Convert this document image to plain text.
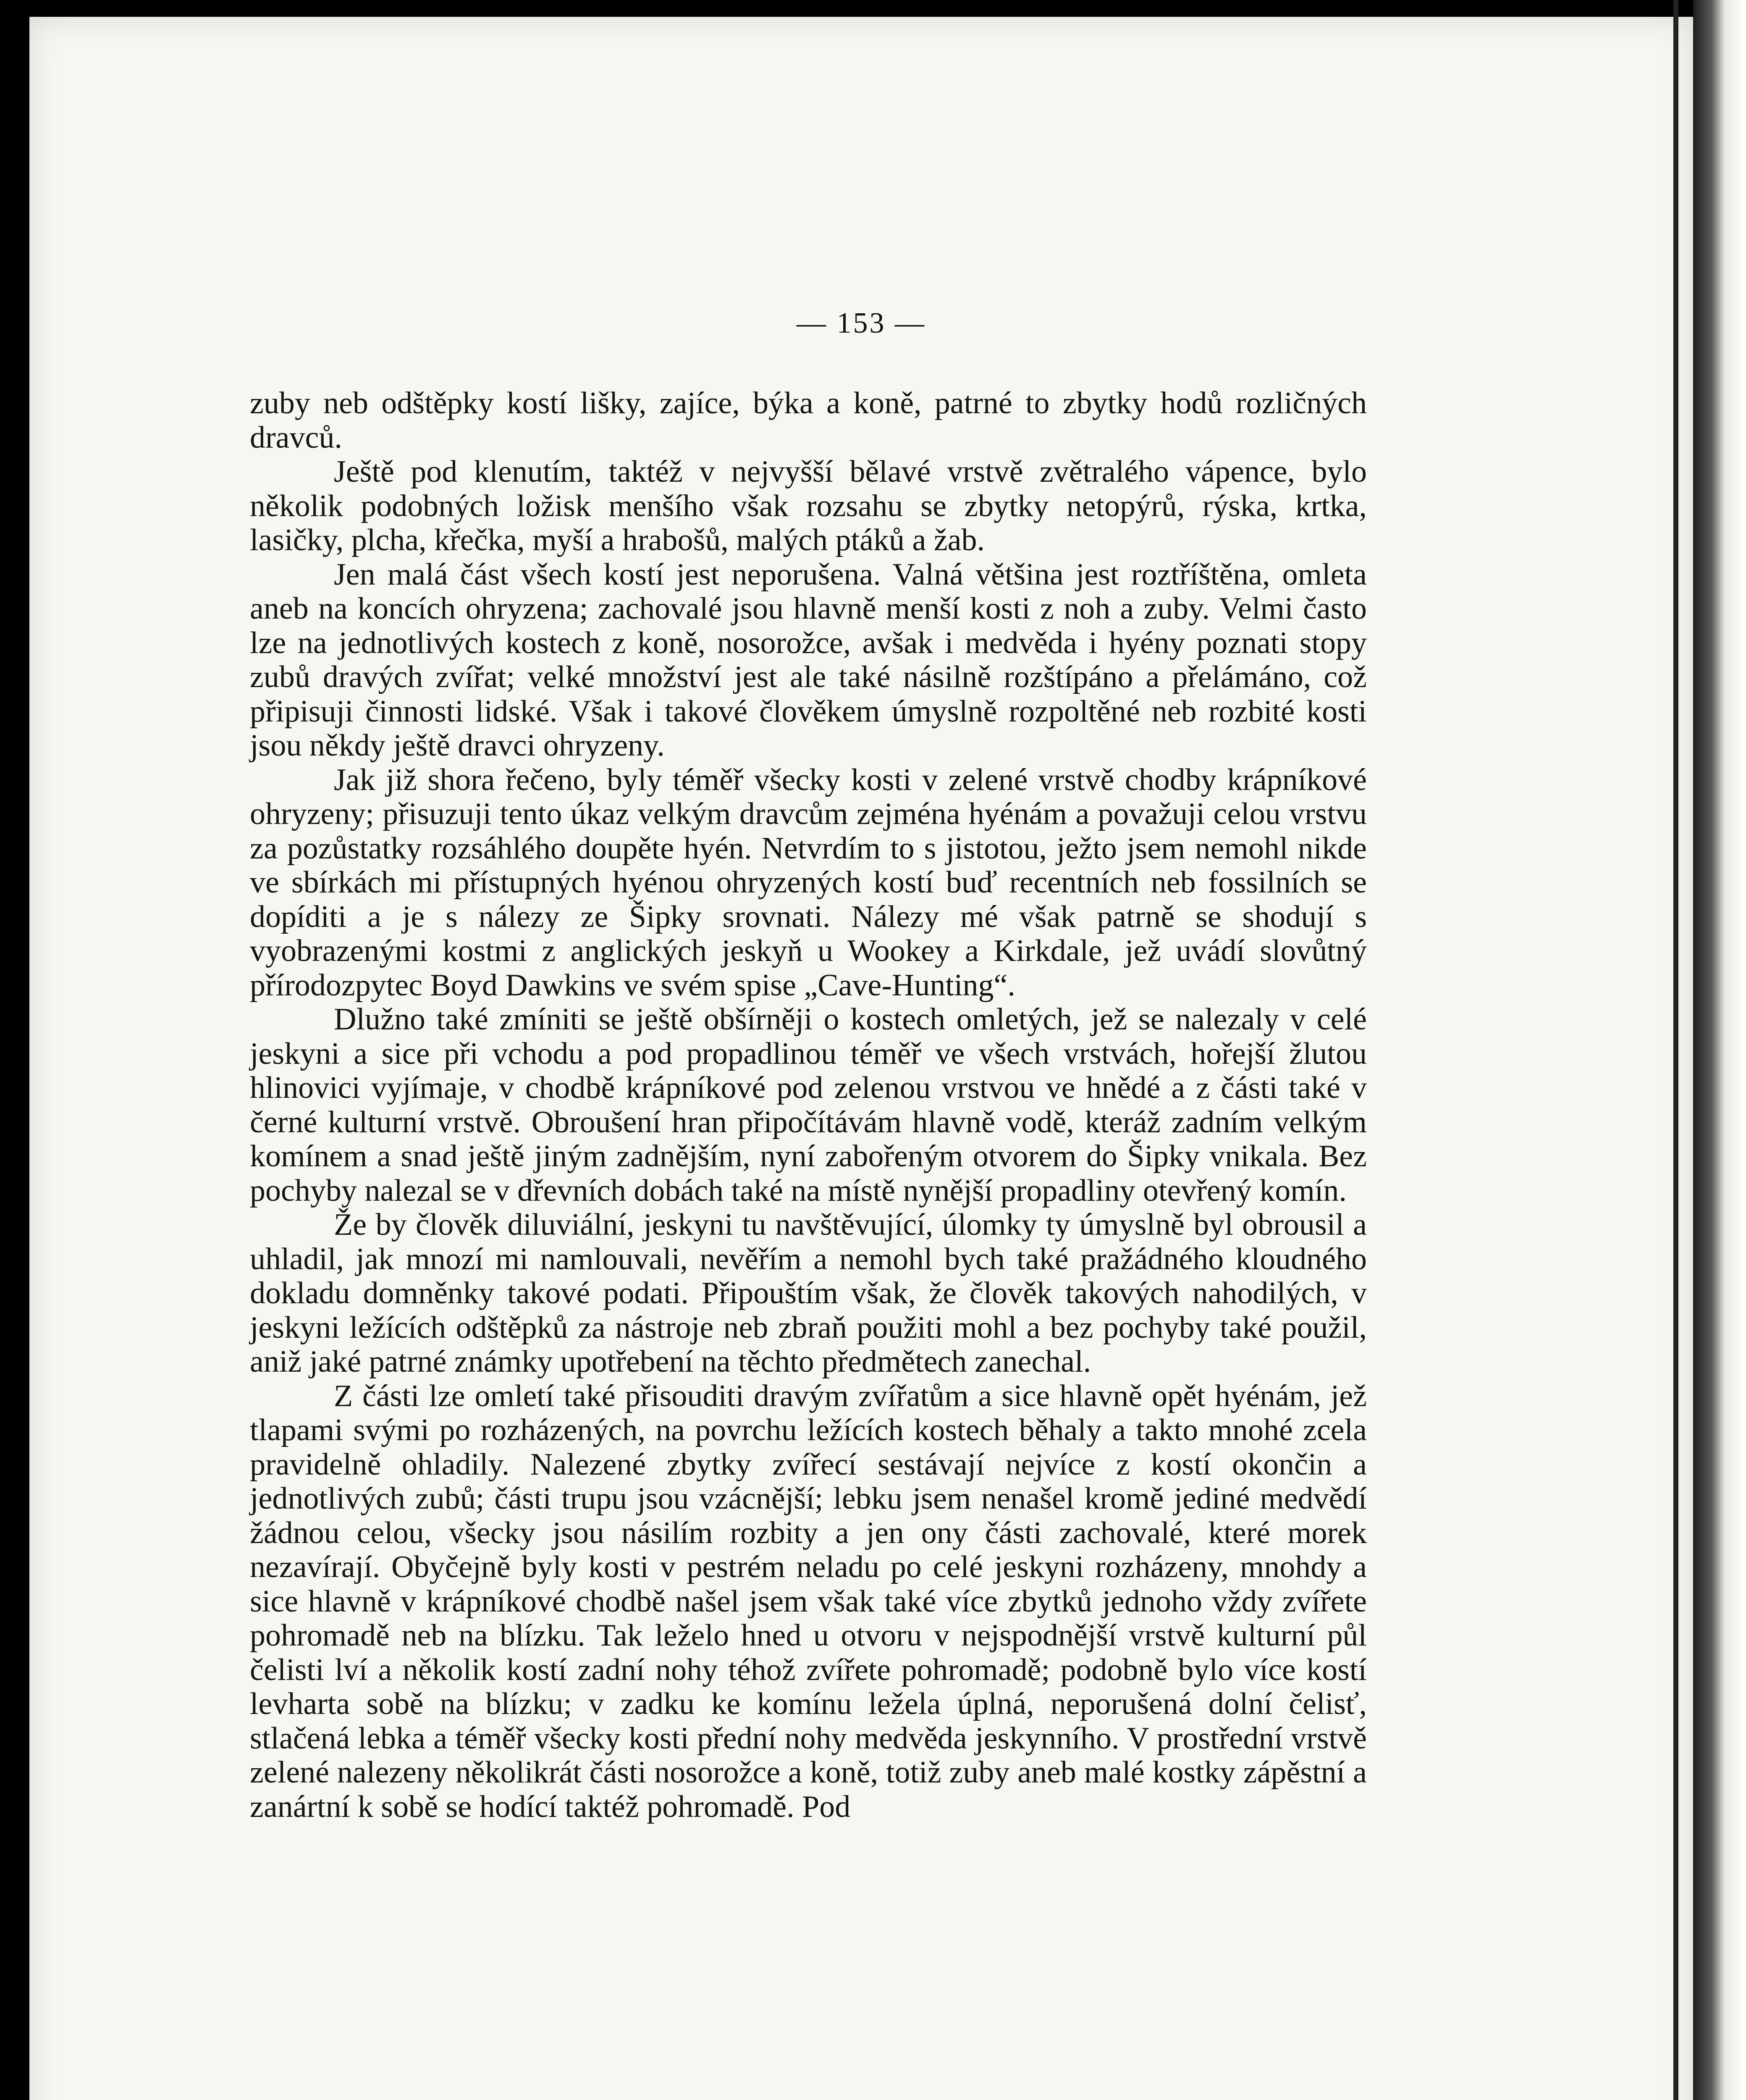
— 153 —

zuby neb odštěpky kostí lišky, zajíce, býka a koně, patrné to zbytky hodů rozličných dravců.

Ještě pod klenutím, taktéž v nejvyšší bělavé vrstvě zvětralého vápence, bylo několik podobných ložisk menšího však rozsahu se zbytky netopýrů, rýska, krtka, lasičky, plcha, křečka, myší a hrabošů, malých ptáků a žab.

Jen malá část všech kostí jest neporušena. Valná většina jest roztříštěna, omleta aneb na koncích ohryzena; zachovalé jsou hlavně menší kosti z noh a zuby. Velmi často lze na jednotlivých kostech z koně, nosorožce, avšak i medvěda i hyény poznati stopy zubů dravých zvířat; velké množství jest ale také násilně rozštípáno a přelámáno, což připisuji činnosti lidské. Však i takové člověkem úmyslně rozpoltěné neb rozbité kosti jsou někdy ještě dravci ohryzeny.

Jak již shora řečeno, byly téměř všecky kosti v zelené vrstvě chodby krápníkové ohryzeny; přisuzuji tento úkaz velkým dravcům zejména hyénám a považuji celou vrstvu za pozůstatky rozsáhlého doupěte hyén. Netvrdím to s jistotou, ježto jsem nemohl nikde ve sbírkách mi přístupných hyénou ohryzených kostí buď recentních neb fossilních se dopíditi a je s nálezy ze Šipky srovnati. Nálezy mé však patrně se shodují s vyobrazenými kostmi z anglických jeskyň u Wookey a Kirkdale, jež uvádí slovůtný přírodozpytec Boyd Dawkins ve svém spise „Cave-Hunting“.

Dlužno také zmíniti se ještě obšírněji o kostech omletých, jež se nalezaly v celé jeskyni a sice při vchodu a pod propadlinou téměř ve všech vrstvách, hořejší žlutou hlinovici vyjímaje, v chodbě krápníkové pod zelenou vrstvou ve hnědé a z části také v černé kulturní vrstvě. Obroušení hran připočítávám hlavně vodě, kteráž zadním velkým komínem a snad ještě jiným zadnějším, nyní zabořeným otvorem do Šipky vnikala. Bez pochyby nalezal se v dřevních dobách také na místě nynější propadliny otevřený komín.

Že by člověk diluviální, jeskyni tu navštěvující, úlomky ty úmyslně byl obrousil a uhladil, jak mnozí mi namlouvali, nevěřím a nemohl bych také pražádného kloudného dokladu domněnky takové podati. Připouštím však, že člověk takových nahodilých, v jeskyni ležících odštěpků za nástroje neb zbraň použiti mohl a bez pochyby také použil, aniž jaké patrné známky upotřebení na těchto předmětech zanechal.

Z části lze omletí také přisouditi dravým zvířatům a sice hlavně opět hyénám, jež tlapami svými po rozházených, na povrchu ležících kostech běhaly a takto mnohé zcela pravidelně ohladily. Nalezené zbytky zvířecí sestávají nejvíce z kostí okončin a jednotlivých zubů; části trupu jsou vzácnější; lebku jsem nenašel kromě jediné medvědí žádnou celou, všecky jsou násilím rozbity a jen ony části zachovalé, které morek nezavírají. Obyčejně byly kosti v pestrém neladu po celé jeskyni rozházeny, mnohdy a sice hlavně v krápníkové chodbě našel jsem však také více zbytků jednoho vždy zvířete pohromadě neb na blízku. Tak leželo hned u otvoru v nejspodnější vrstvě kulturní půl čelisti lví a několik kostí zadní nohy téhož zvířete pohromadě; podobně bylo více kostí levharta sobě na blízku; v zadku ke komínu ležela úplná, neporušená dolní čelisť, stlačená lebka a téměř všecky kosti přední nohy medvěda jeskynního. V prostřední vrstvě zelené nalezeny několikrát části nosorožce a koně, totiž zuby aneb malé kostky zápěstní a zanártní k sobě se hodící taktéž pohromadě. Pod
